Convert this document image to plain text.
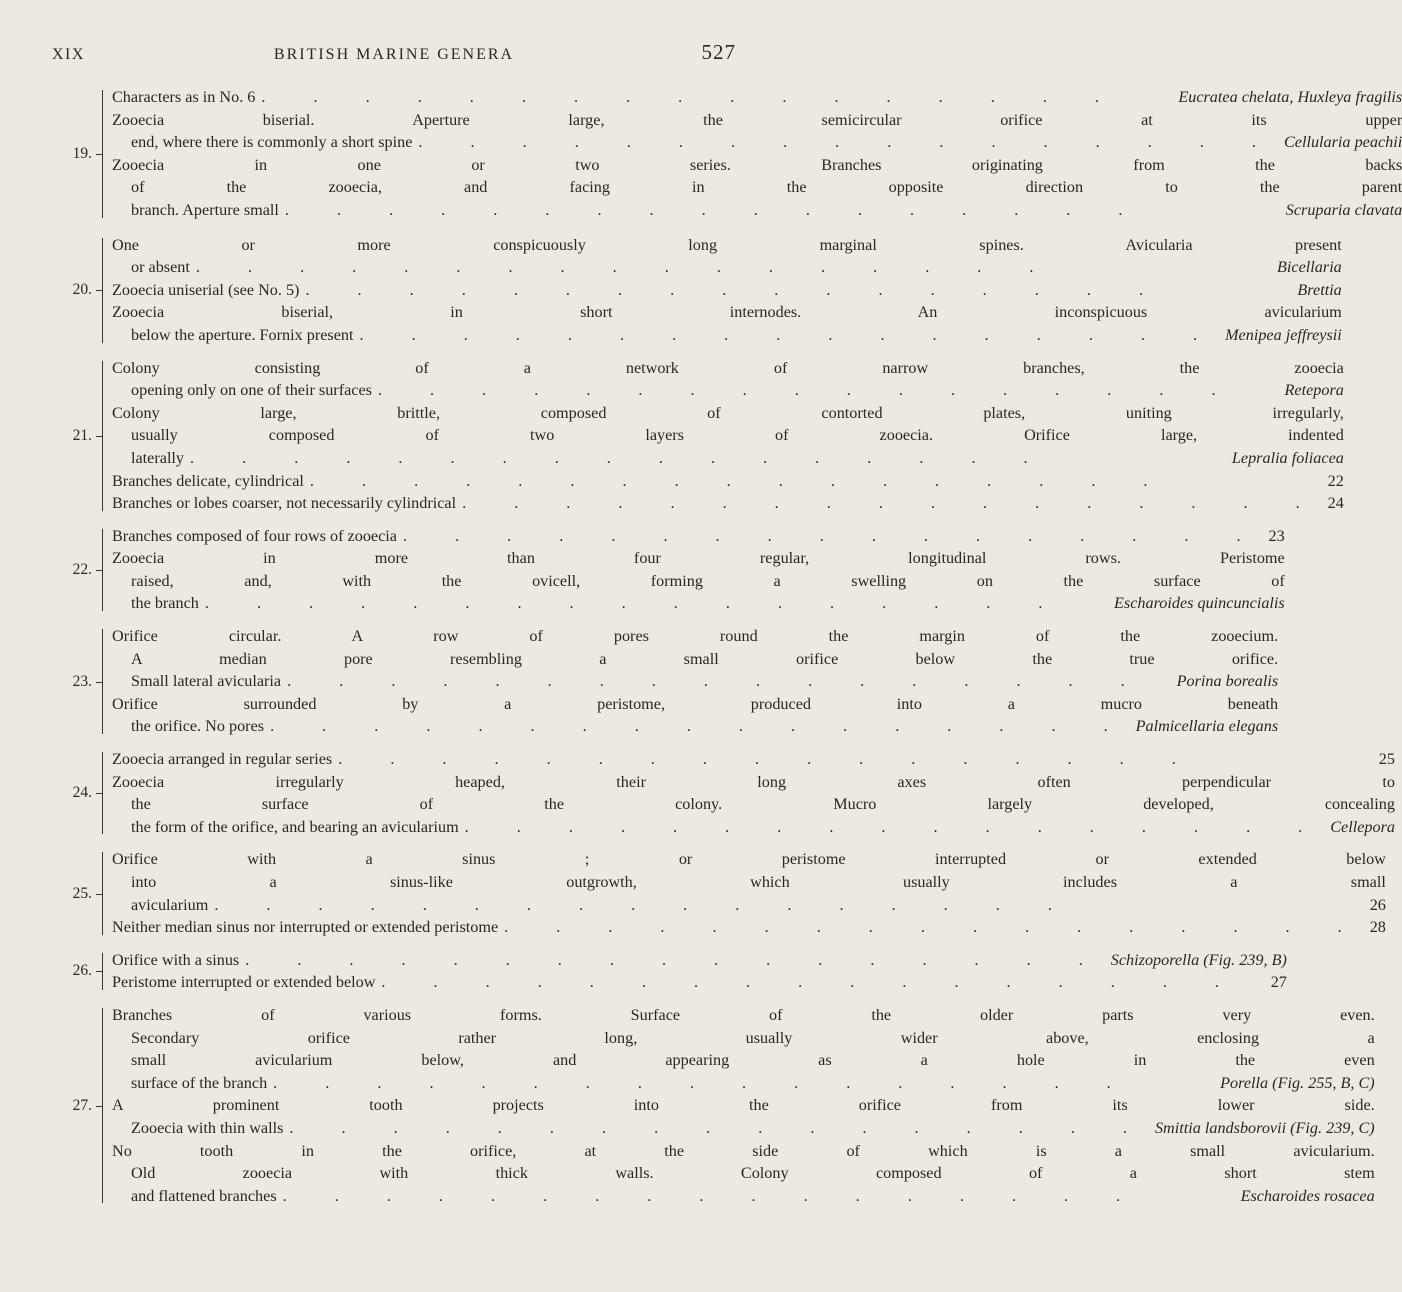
XIX	BRITISH MARINE GENERA	527
19.
Characters as in No. 6 . . . . . . . . . . . . . . . . .	Eucratea chelata, Huxleya fragilis
Zooecia biserial. Aperture large, the semicircular orifice at its upper
end, where there is commonly a short spine . . . . . . . . . . . . . . . . . Cellularia peachii
Zooecia in one or two series. Branches originating from the backs
of the zooecia, and facing in the opposite direction to the parent
branch. Aperture small . . . . . . . . . . . . . . . . .	Scruparia clavata
20.
One or more conspicuously long marginal spines. Avicularia present
or absent . . . . . . . . . . . . . . . . .	Bicellaria
Zooecia uniserial (see No. 5) . . . . . . . . . . . . . . . . .	Brettia
Zooecia biserial, in short internodes. An inconspicuous avicularium
below the aperture. Fornix present . . . . . . . . . . . . . . . . . Menipea jeffreysii
21.
Colony consisting of a network of narrow branches, the zooecia
opening only on one of their surfaces . . . . . . . . . . . . . . . . .	Retepora
Colony large, brittle, composed of contorted plates, uniting irregularly,
usually composed of two layers of zooecia. Orifice large, indented
laterally . . . . . . . . . . . . . . . . .	Lepralia foliacea
Branches delicate, cylindrical . . . . . . . . . . . . . . . . .	22
Branches or lobes coarser, not necessarily cylindrical . . . . . . . . . . . . . . . . . 24
22.
Branches composed of four rows of zooecia . . . . . . . . . . . . . . . . . 23
Zooecia in more than four regular, longitudinal rows. Peristome
raised, and, with the ovicell, forming a swelling on the surface of
the branch . . . . . . . . . . . . . . . . .	Escharoides quincuncialis
23.
Orifice circular. A row of pores round the margin of the zooecium.
A median pore resembling a small orifice below the true orifice.
Small lateral avicularia . . . . . . . . . . . . . . . . .	Porina borealis
Orifice surrounded by a peristome, produced into a mucro beneath
the orifice. No pores . . . . . . . . . . . . . . . . . Palmicellaria elegans
24.
Zooecia arranged in regular series . . . . . . . . . . . . . . . . .	25
Zooecia irregularly heaped, their long axes often perpendicular to
the surface of the colony. Mucro largely developed, concealing
the form of the orifice, and bearing an avicularium . . . . . . . . . . . . . . . . . Cellepora
25.
Orifice with a sinus ; or peristome interrupted or extended below
into a sinus-like outgrowth, which usually includes a small
avicularium . . . . . . . . . . . . . . . . .	26
Neither median sinus nor interrupted or extended peristome . . . . . . . . . . . . . . . . . 28
26.
Orifice with a sinus . . . . . . . . . . . . . . . . . Schizoporella (Fig. 239, B)
Peristome interrupted or extended below . . . . . . . . . . . . . . . . .	27
27.
Branches of various forms. Surface of the older parts very even.
Secondary orifice rather long, usually wider above, enclosing a
small avicularium below, and appearing as a hole in the even
surface of the branch . . . . . . . . . . . . . . . . .	Porella (Fig. 255, B, C)
A prominent tooth projects into the orifice from its lower side.
Zooecia with thin walls . . . . . . . . . . . . . . . . . Smittia landsborovii (Fig. 239, C)
No tooth in the orifice, at the side of which is a small avicularium.
Old zooecia with thick walls. Colony composed of a short stem
and flattened branches . . . . . . . . . . . . . . . . .	Escharoides rosacea
